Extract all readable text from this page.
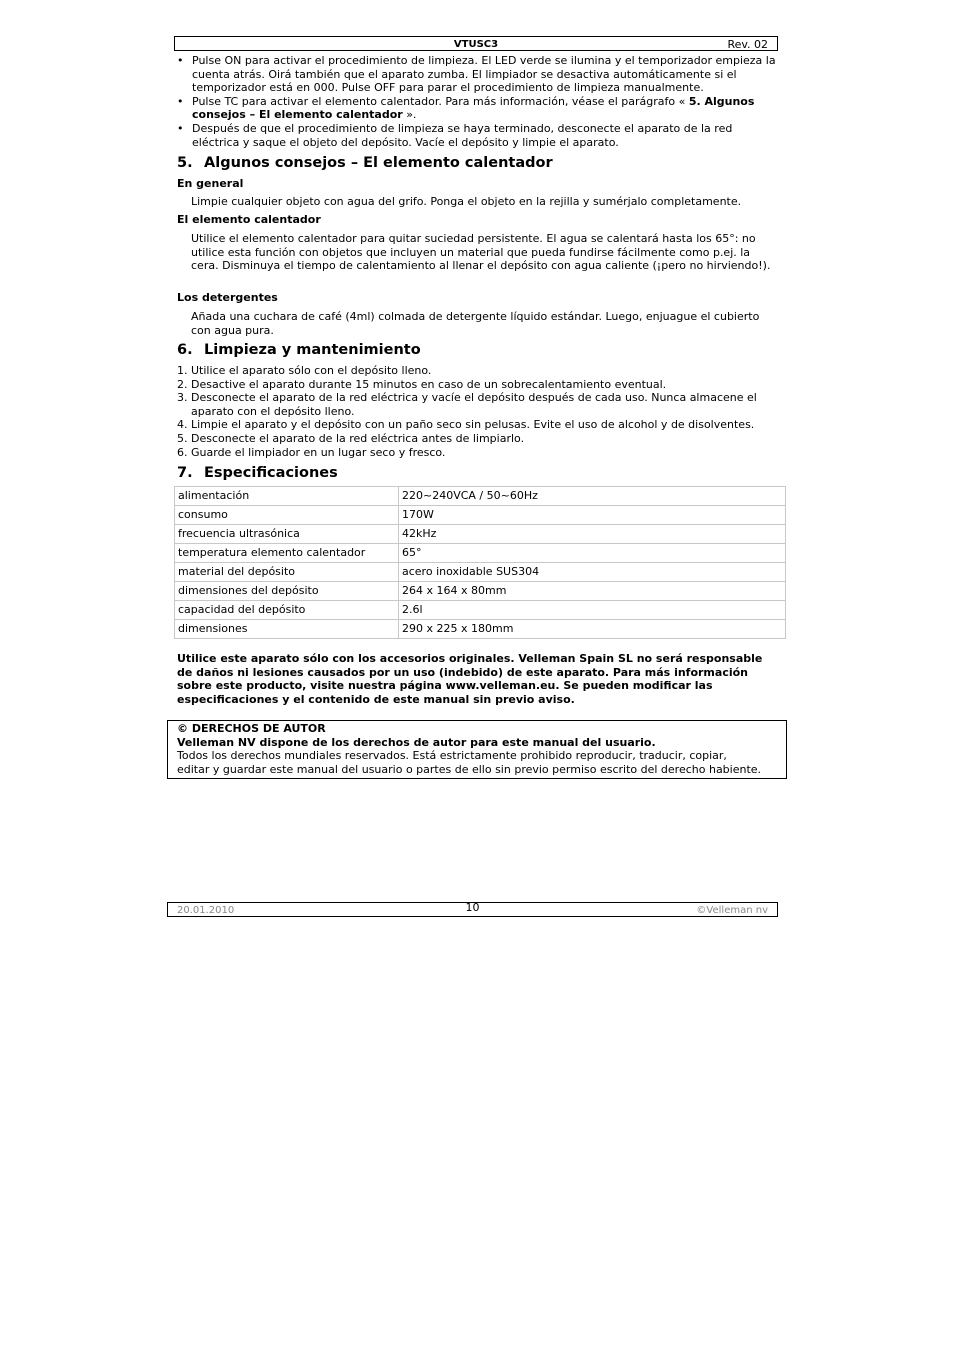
VTUSC3	Rev. 02
• Pulse ON para activar el procedimiento de limpieza. El LED verde se ilumina y el temporizador empieza la cuenta atrás. Oirá también que el aparato zumba. El limpiador se desactiva automáticamente si el temporizador está en 000. Pulse OFF para parar el procedimiento de limpieza manualmente.
• Pulse TC para activar el elemento calentador. Para más información, véase el parágrafo « 5. Algunos consejos – El elemento calentador ».
• Después de que el procedimiento de limpieza se haya terminado, desconecte el aparato de la red eléctrica y saque el objeto del depósito. Vacíe el depósito y limpie el aparato.
5. Algunos consejos – El elemento calentador
En general

Limpie cualquier objeto con agua del grifo. Ponga el objeto en la rejilla y sumérjalo completamente.

El elemento calentador

Utilice el elemento calentador para quitar suciedad persistente. El agua se calentará hasta los 65°: no utilice esta función con objetos que incluyen un material que pueda fundirse fácilmente como p.ej. la cera. Disminuya el tiempo de calentamiento al llenar el depósito con agua caliente (¡pero no hirviendo!).

Los detergentes

Añada una cuchara de café (4ml) colmada de detergente líquido estándar. Luego, enjuague el cubierto con agua pura.

6. Limpieza y mantenimiento
1. Utilice el aparato sólo con el depósito lleno.
2. Desactive el aparato durante 15 minutos en caso de un sobrecalentamiento eventual.
3. Desconecte el aparato de la red eléctrica y vacíe el depósito después de cada uso. Nunca almacene el aparato con el depósito lleno.
4. Limpie el aparato y el depósito con un paño seco sin pelusas. Evite el uso de alcohol y de disolventes.
5. Desconecte el aparato de la red eléctrica antes de limpiarlo.
6. Guarde el limpiador en un lugar seco y fresco.
7. Especificaciones
alimentación	220~240VCA / 50~60Hz
consumo	170W
frecuencia ultrasónica	42kHz
temperatura elemento calentador	65°
material del depósito	acero inoxidable SUS304
dimensiones del depósito	264 x 164 x 80mm
capacidad del depósito	2.6l
dimensiones	290 x 225 x 180mm

Utilice este aparato sólo con los accesorios originales. Velleman Spain SL no será responsable de daños ni lesiones causados por un uso (indebido) de este aparato. Para más información sobre este producto, visite nuestra página www.velleman.eu. Se pueden modificar las especificaciones y el contenido de este manual sin previo aviso.

© DERECHOS DE AUTOR
Velleman NV dispone de los derechos de autor para este manual del usuario.
Todos los derechos mundiales reservados. Está estrictamente prohibido reproducir, traducir, copiar,
editar y guardar este manual del usuario o partes de ello sin previo permiso escrito del derecho habiente.
20.01.2010	10	©Velleman nv
